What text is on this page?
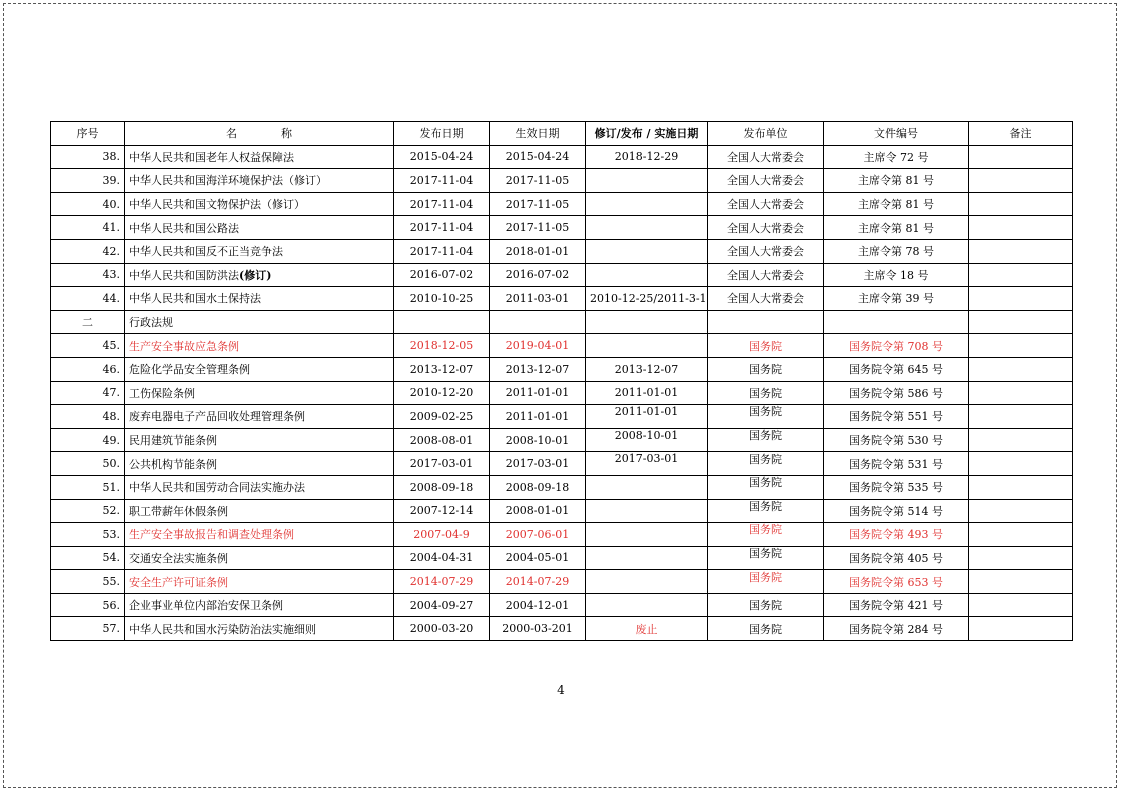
序号	名　　　　称	发布日期	生效日期	修订/发布 / 实施日期	发布单位	文件编号	备注
38.	中华人民共和国老年人权益保障法	2015-04-24	2015-04-24	2018-12-29	全国人大常委会	主席令 72 号	
39.	中华人民共和国海洋环境保护法（修订）	2017-11-04	2017-11-05		全国人大常委会	主席令第 81 号	
40.	中华人民共和国文物保护法（修订）	2017-11-04	2017-11-05		全国人大常委会	主席令第 81 号	
41.	中华人民共和国公路法	2017-11-04	2017-11-05		全国人大常委会	主席令第 81 号	
42.	中华人民共和国反不正当竞争法	2017-11-04	2018-01-01		全国人大常委会	主席令第 78 号	
43.	中华人民共和国防洪法(修订)	2016-07-02	2016-07-02		全国人大常委会	主席令 18 号	
44.	中华人民共和国水土保持法	2010-10-25	2011-03-01	2010-12-25/2011-3-1	全国人大常委会	主席令第 39 号	
二	行政法规						
45.	生产安全事故应急条例	2018-12-05	2019-04-01		国务院	国务院令第 708 号	
46.	危险化学品安全管理条例	2013-12-07	2013-12-07	2013-12-07	国务院	国务院令第 645 号	
47.	工伤保险条例	2010-12-20	2011-01-01	2011-01-01	国务院	国务院令第 586 号	
48.	废弃电器电子产品回收处理管理条例	2009-02-25	2011-01-01	2011-01-01	国务院	国务院令第 551 号	
49.	民用建筑节能条例	2008-08-01	2008-10-01	2008-10-01	国务院	国务院令第 530 号	
50.	公共机构节能条例	2017-03-01	2017-03-01	2017-03-01	国务院	国务院令第 531 号	
51.	中华人民共和国劳动合同法实施办法	2008-09-18	2008-09-18		国务院	国务院令第 535 号	
52.	职工带薪年休假条例	2007-12-14	2008-01-01		国务院	国务院令第 514 号	
53.	生产安全事故报告和调查处理条例	2007-04-9	2007-06-01		国务院	国务院令第 493 号	
54.	交通安全法实施条例	2004-04-31	2004-05-01		国务院	国务院令第 405 号	
55.	安全生产许可证条例	2014-07-29	2014-07-29		国务院	国务院令第 653 号	
56.	企业事业单位内部治安保卫条例	2004-09-27	2004-12-01		国务院	国务院令第 421 号	
57.	中华人民共和国水污染防治法实施细则	2000-03-20	2000-03-201	废止	国务院	国务院令第 284 号	
4
